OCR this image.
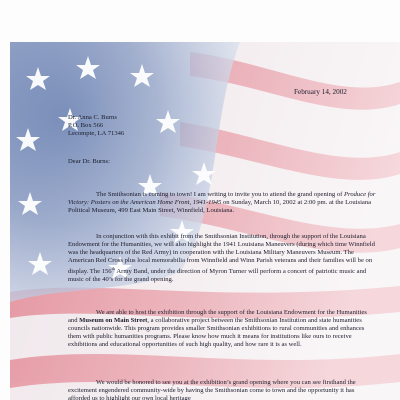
February 14, 2002
Dr. Anna C. Burns
P.O. Box 566
Lecompte, LA 71346
Dear Dr. Burns:
The Smithsonian is coming to town! I am writing to invite you to attend the grand opening of Produce for Victory: Posters on the American Home Front, 1941-1945 on Sunday, March 10, 2002 at 2:00 pm. at the Louisiana Political Museum, 499 East Main Street, Winnfield, Louisiana.
In conjunction with this exhibit from the Smithsonian Institution, through the support of the Louisiana Endowment for the Humanities, we will also highlight the 1941 Louisiana Maneuvers (during which time Winnfield was the headquarters of the Red Army) in cooperation with the Louisiana Military Maneuvers Museum. The American Red Cross plus local memorabilia from Winnfield and Winn Parish veterans and their families will be on display. The 156th Army Band, under the direction of Myron Turner will perform a concert of patriotic music and music of the 40’s for the grand opening.
We are able to host the exhibition through the support of the Louisiana Endowment for the Humanities and Museum on Main Street, a collaborative project between the Smithsonian Institution and state humanities councils nationwide. This program provides smaller Smithsonian exhibitions to rural communities and enhances them with public humanities programs. Please know how much it means for institutions like ours to receive exhibitions and educational opportunities of such high quality, and how rare it is as well.
We would be honored to see you at the exhibition’s grand opening where you can see firsthand the excitement engendered community-wide by having the Smithsonian come to town and the opportunity it has afforded us to highlight our own local heritage
